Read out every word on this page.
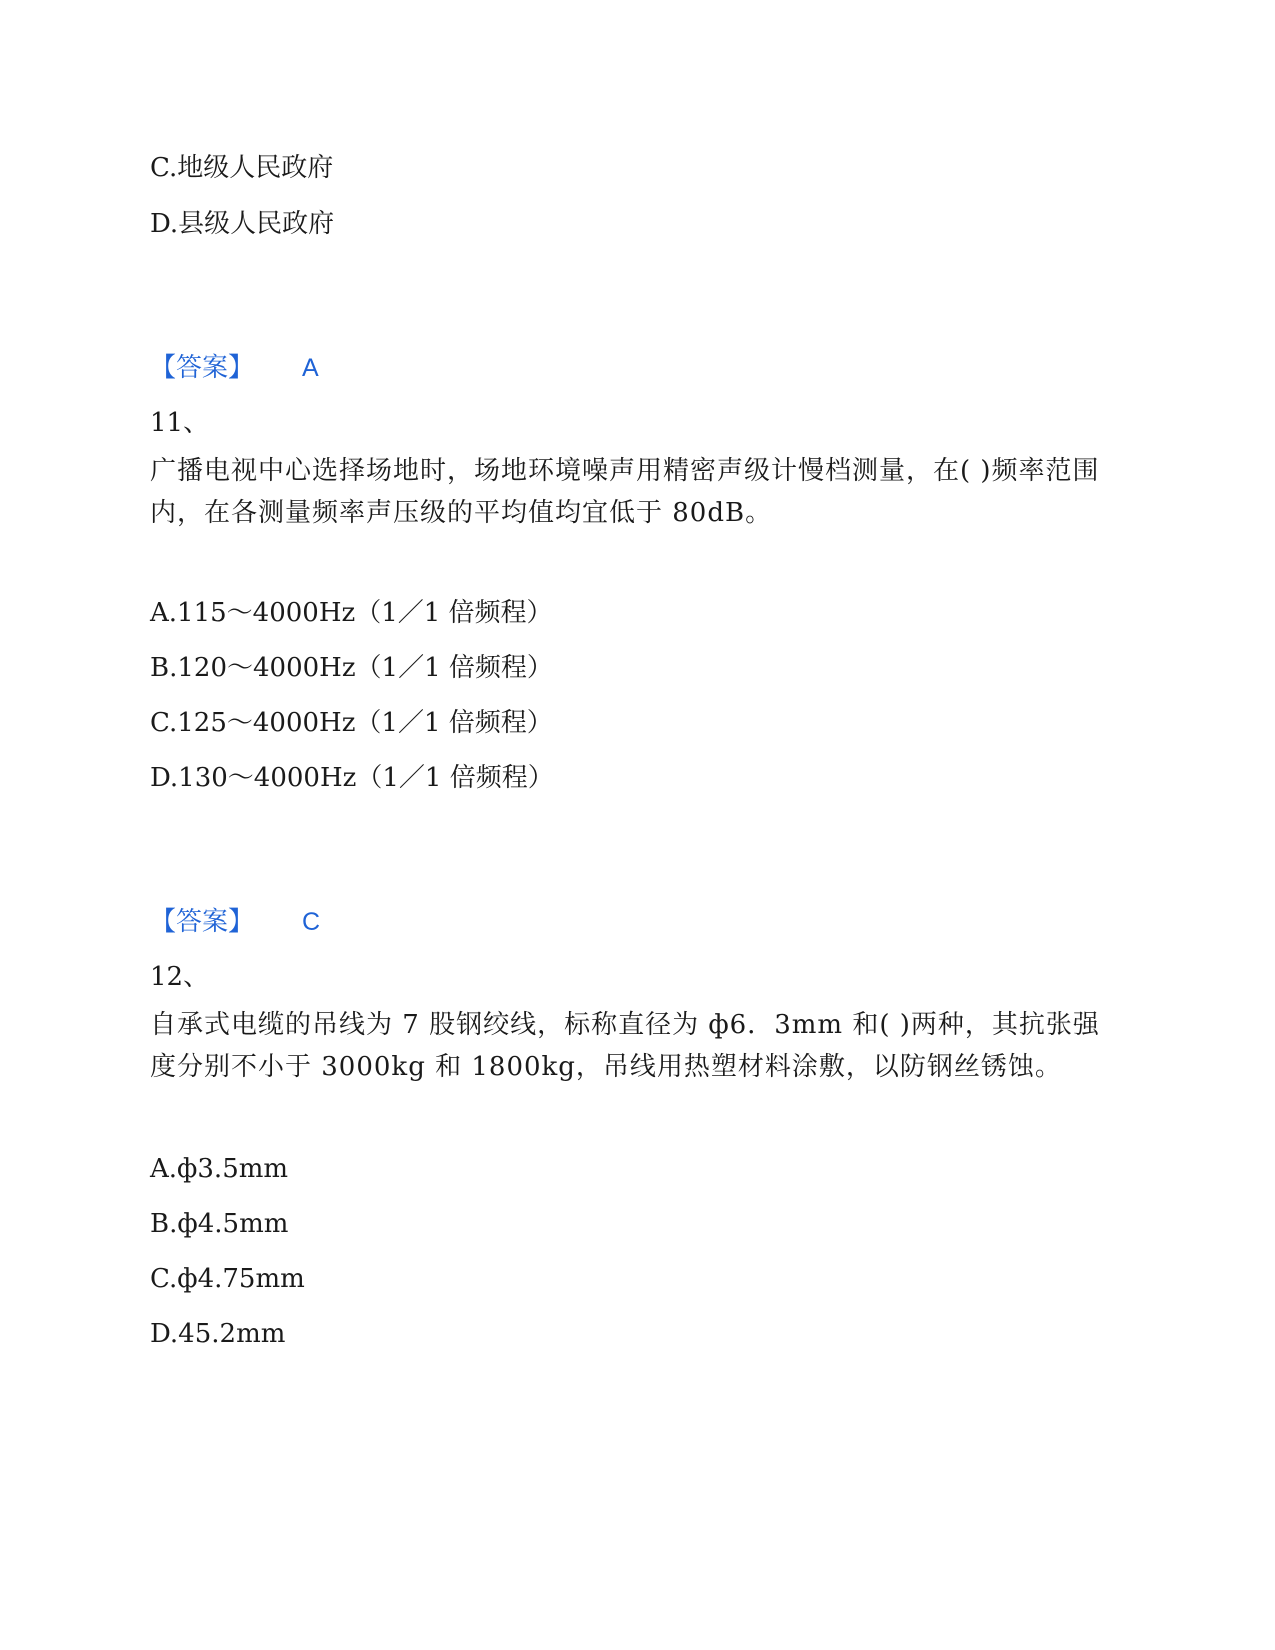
C.地级人民政府
D.县级人民政府
【答案】 A
11、
广播电视中心选择场地时，场地环境噪声用精密声级计慢档测量，在( )频率范围内，在各测量频率声压级的平均值均宜低于 80dB。
A.115～4000Hz（1／1 倍频程）
B.120～4000Hz（1／1 倍频程）
C.125～4000Hz（1／1 倍频程）
D.130～4000Hz（1／1 倍频程）
【答案】 C
12、
自承式电缆的吊线为 7 股钢绞线，标称直径为 ф6．3mm 和( )两种，其抗张强度分别不小于 3000kg 和 1800kg，吊线用热塑材料涂敷，以防钢丝锈蚀。
A.ф3.5mm
B.ф4.5mm
C.ф4.75mm
D.45.2mm
